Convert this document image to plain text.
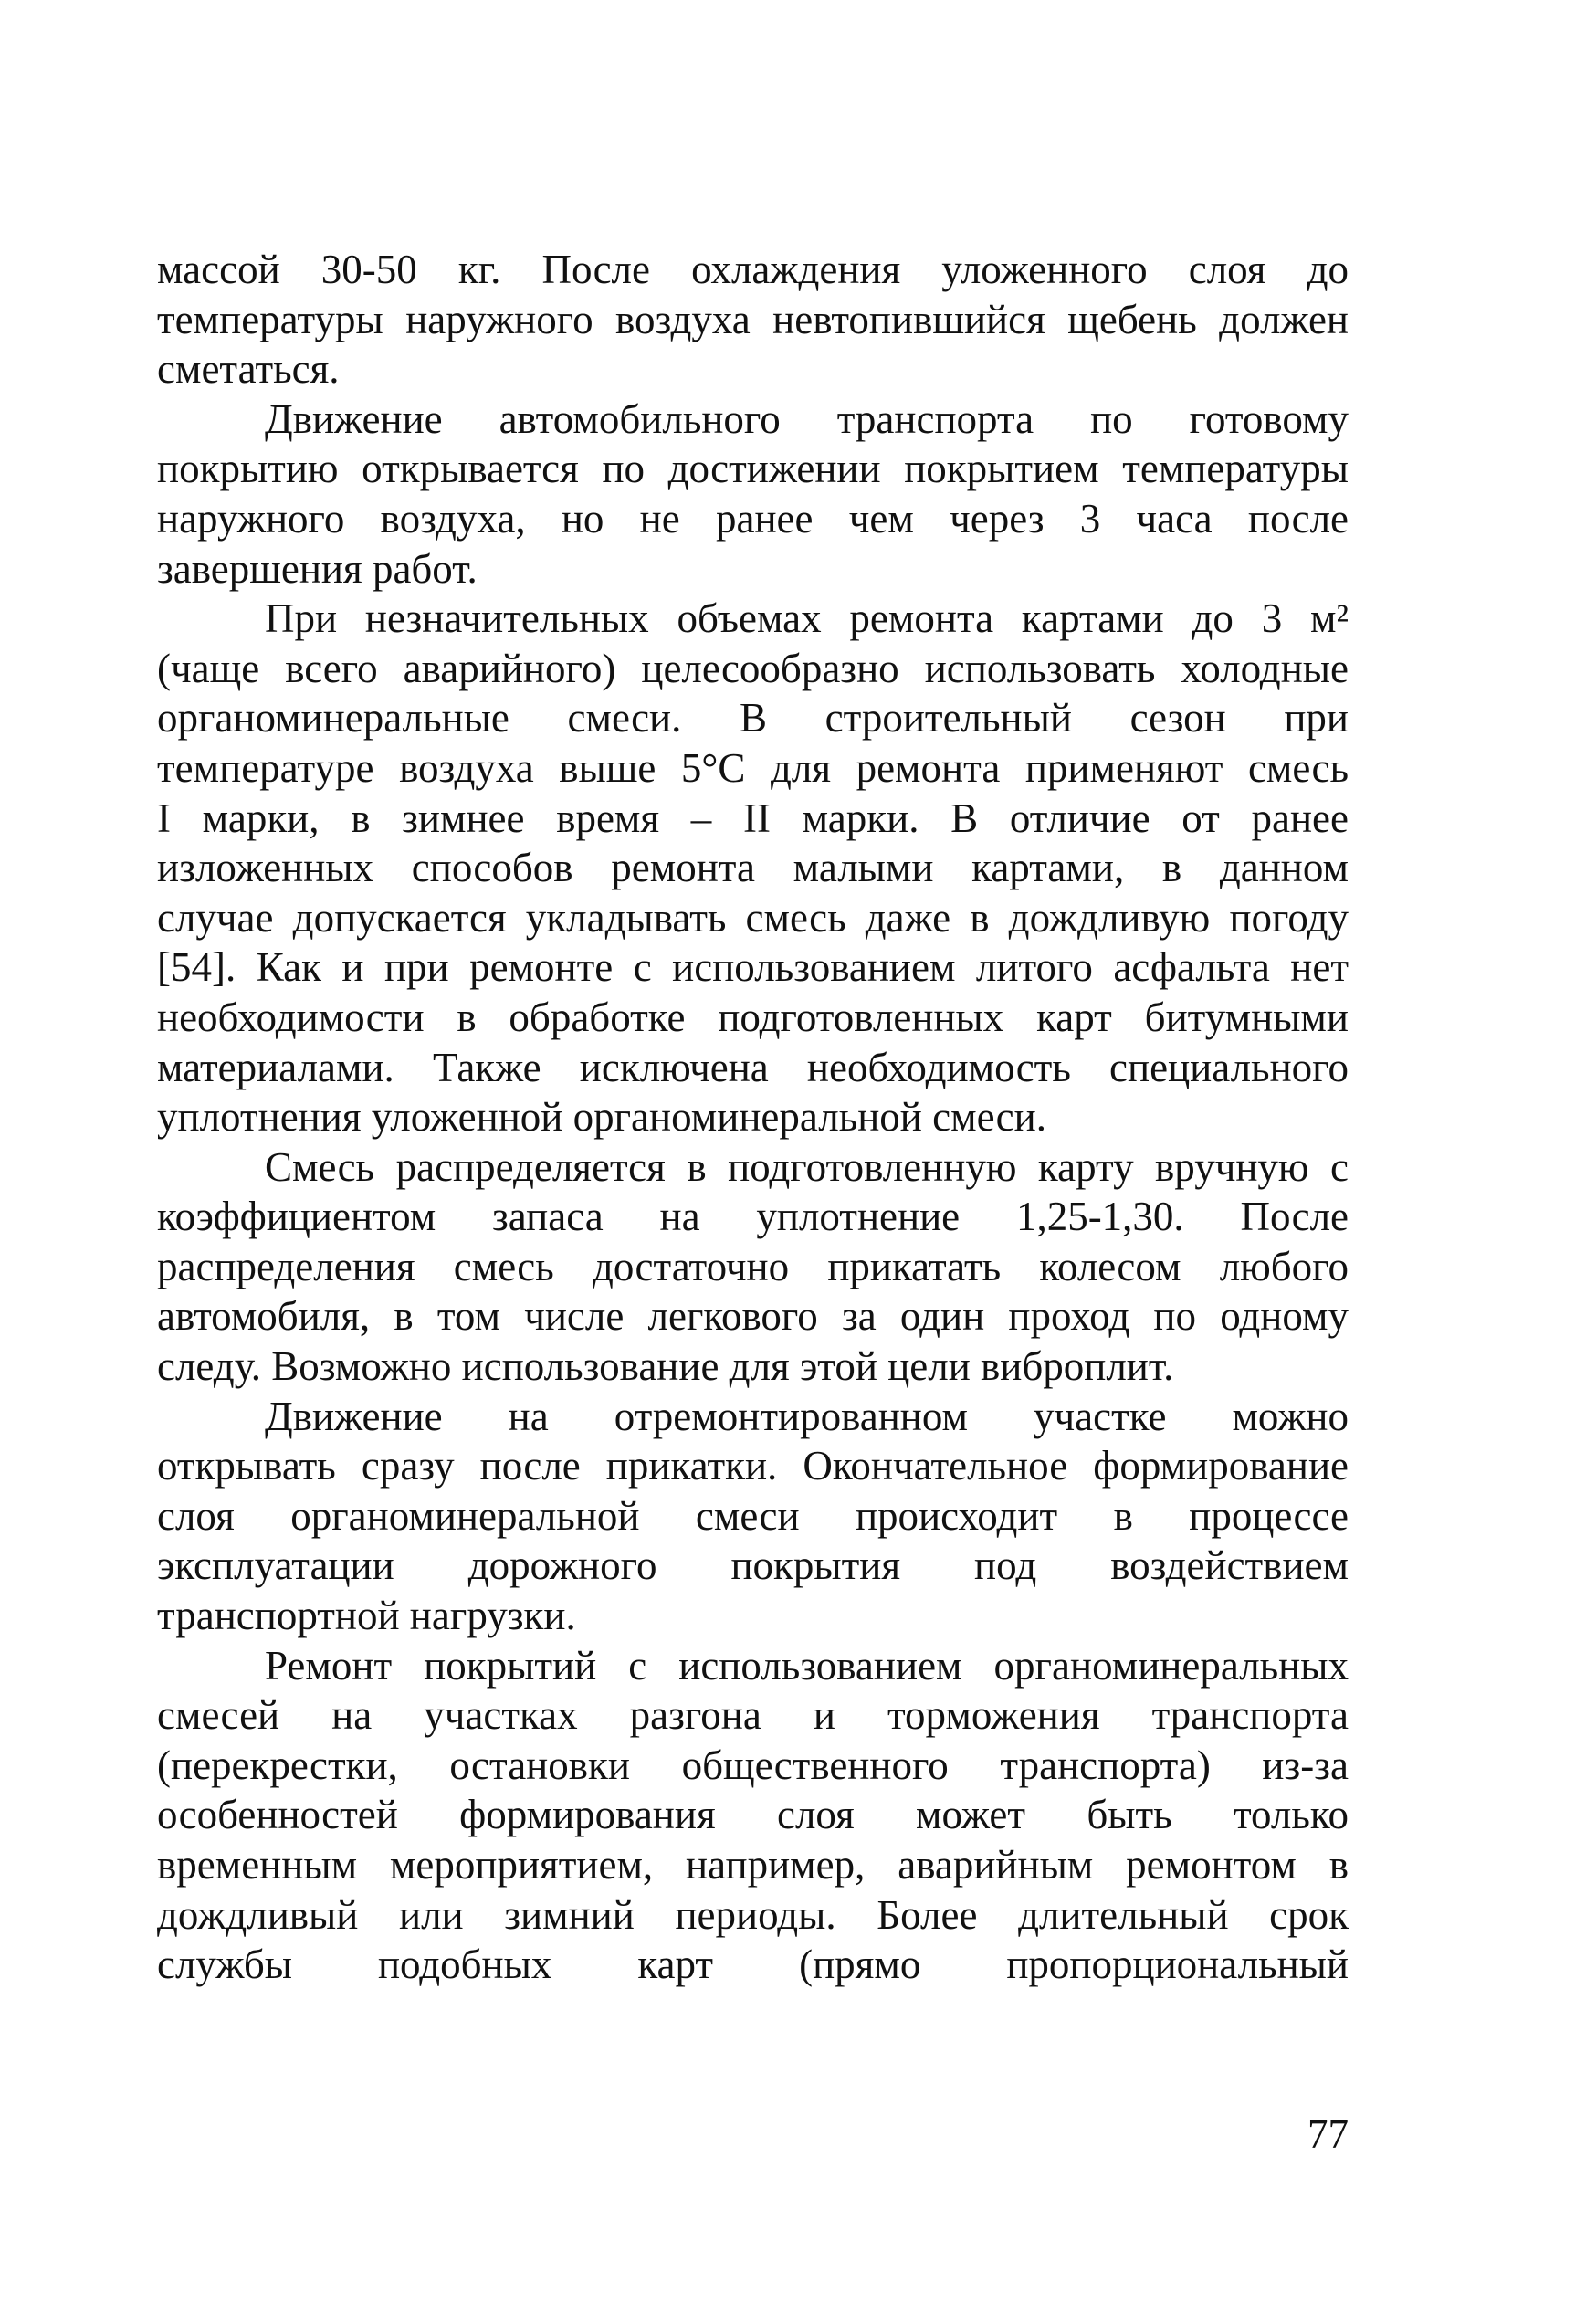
массой 30-50 кг. После охлаждения уложенного слоя до
температуры наружного воздуха невтопившийся щебень должен
сметаться.
Движение автомобильного транспорта по готовому
покрытию открывается по достижении покрытием температуры
наружного воздуха, но не ранее чем через 3 часа после
завершения работ.
При незначительных объемах ремонта картами до 3 м²
(чаще всего аварийного) целесообразно использовать холодные
органоминеральные смеси. В строительный сезон при
температуре воздуха выше 5°С для ремонта применяют смесь
I марки, в зимнее время – II марки. В отличие от ранее
изложенных способов ремонта малыми картами, в данном
случае допускается укладывать смесь даже в дождливую погоду
[54]. Как и при ремонте с использованием литого асфальта нет
необходимости в обработке подготовленных карт битумными
материалами. Также исключена необходимость специального
уплотнения уложенной органоминеральной смеси.
Смесь распределяется в подготовленную карту вручную с
коэффициентом запаса на уплотнение 1,25-1,30. После
распределения смесь достаточно прикатать колесом любого
автомобиля, в том числе легкового за один проход по одному
следу. Возможно использование для этой цели виброплит.
Движение на отремонтированном участке можно
открывать сразу после прикатки. Окончательное формирование
слоя органоминеральной смеси происходит в процессе
эксплуатации дорожного покрытия под воздействием
транспортной нагрузки.
Ремонт покрытий с использованием органоминеральных
смесей на участках разгона и торможения транспорта
(перекрестки, остановки общественного транспорта) из-за
особенностей формирования слоя может быть только
временным мероприятием, например, аварийным ремонтом в
дождливый или зимний периоды. Более длительный срок
службы подобных карт (прямо пропорциональный
77
